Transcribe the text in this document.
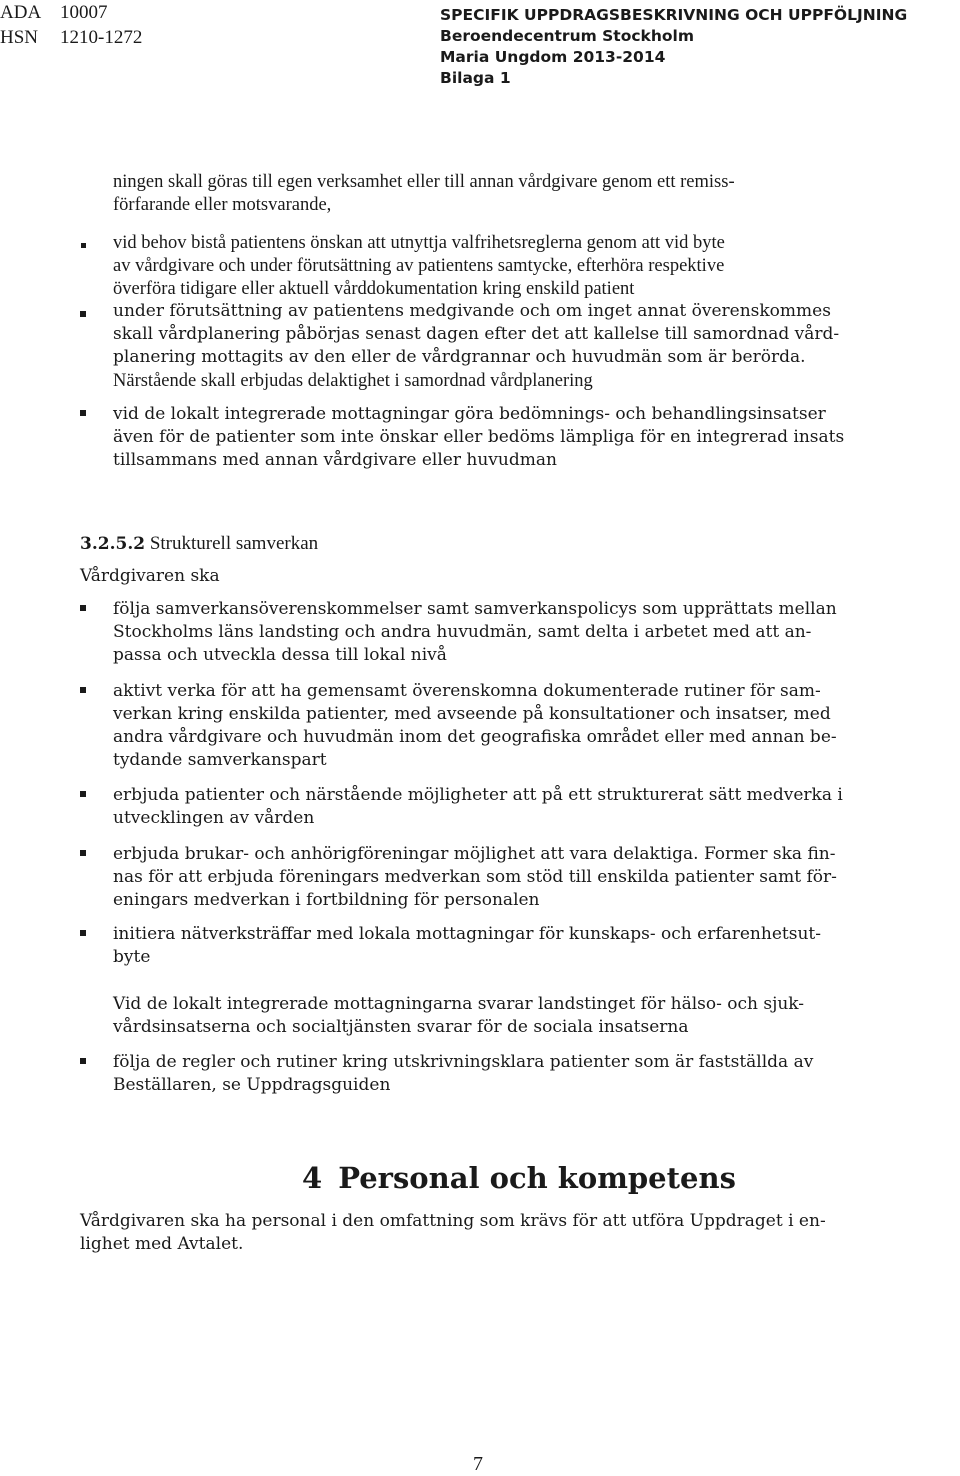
ADA 10007
HSN 1210-1272
SPECIFIK UPPDRAGSBESKRIVNING OCH UPPFÖLJNING
Beroendecentrum Stockholm
Maria Ungdom 2013-2014
Bilaga 1
ningen skall göras till egen verksamhet eller till annan vårdgivare genom ett remiss-
förfarande eller motsvarande,
vid behov bistå patientens önskan att utnyttja valfrihetsreglerna genom att vid byte
av vårdgivare och under förutsättning av patientens samtycke, efterhöra respektive
överföra tidigare eller aktuell vårddokumentation kring enskild patient
under förutsättning av patientens medgivande och om inget annat överenskommes
skall vårdplanering påbörjas senast dagen efter det att kallelse till samordnad vård-
planering mottagits av den eller de vårdgrannar och huvudmän som är berörda.
Närstående skall erbjudas delaktighet i samordnad vårdplanering
vid de lokalt integrerade mottagningar göra bedömnings- och behandlingsinsatser
även för de patienter som inte önskar eller bedöms lämpliga för en integrerad insats
tillsammans med annan vårdgivare eller huvudman
3.2.5.2 Strukturell samverkan
Vårdgivaren ska
följa samverkansöverenskommelser samt samverkanspolicys som upprättats mellan
Stockholms läns landsting och andra huvudmän, samt delta i arbetet med att an-
passa och utveckla dessa till lokal nivå
aktivt verka för att ha gemensamt överenskomna dokumenterade rutiner för sam-
verkan kring enskilda patienter, med avseende på konsultationer och insatser, med
andra vårdgivare och huvudmän inom det geografiska området eller med annan be-
tydande samverkanspart
erbjuda patienter och närstående möjligheter att på ett strukturerat sätt medverka i
utvecklingen av vården
erbjuda brukar- och anhörigföreningar möjlighet att vara delaktiga. Former ska fin-
nas för att erbjuda föreningars medverkan som stöd till enskilda patienter samt för-
eningars medverkan i fortbildning för personalen
initiera nätverksträffar med lokala mottagningar för kunskaps- och erfarenhetsut-
byte
Vid de lokalt integrerade mottagningarna svarar landstinget för hälso- och sjuk-
vårdsinsatserna och socialtjänsten svarar för de sociala insatserna
följa de regler och rutiner kring utskrivningsklara patienter som är fastställda av
Beställaren, se Uppdragsguiden
4 Personal och kompetens
Vårdgivaren ska ha personal i den omfattning som krävs för att utföra Uppdraget i en-
lighet med Avtalet.
7
